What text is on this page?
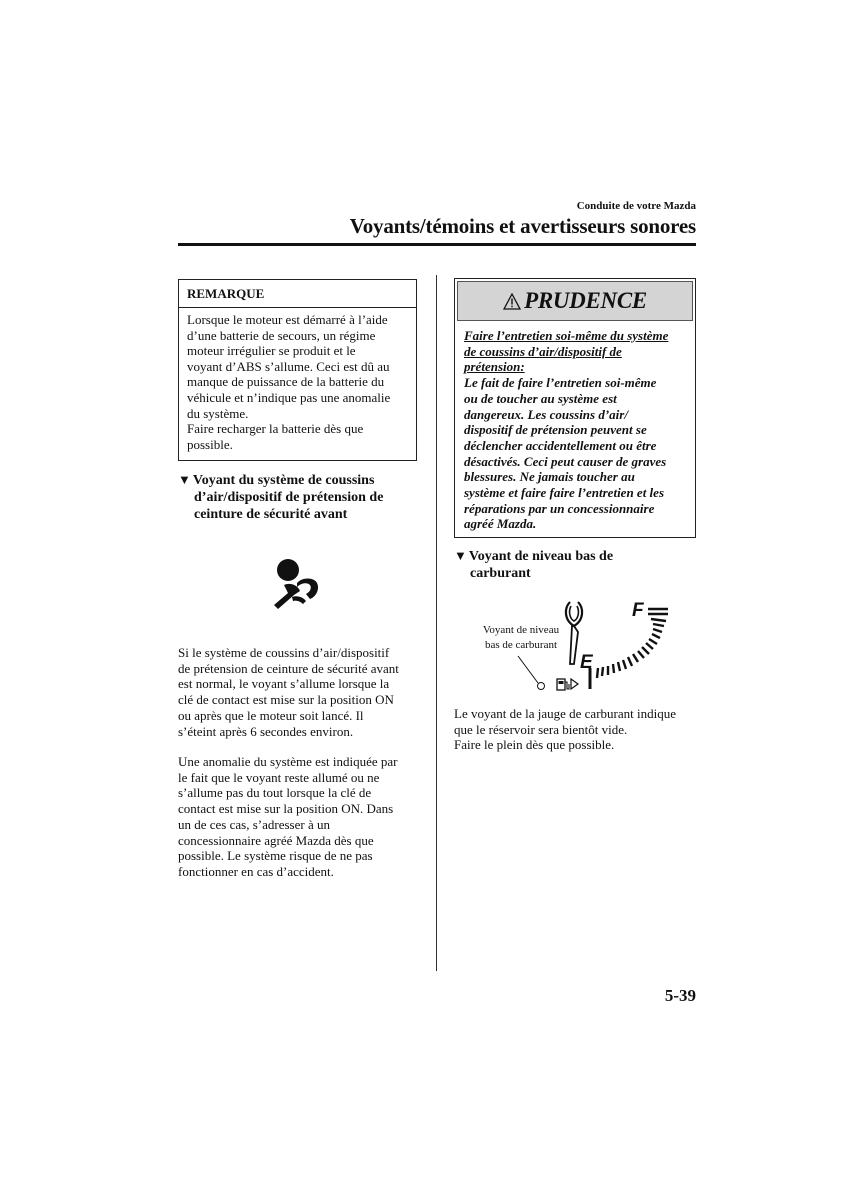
Conduite de votre Mazda
Voyants/témoins et avertisseurs sonores
REMARQUE

Lorsque le moteur est démarré à l’aide

d’une batterie de secours, un régime

moteur irrégulier se produit et le

voyant d’ABS s’allume. Ceci est dû au

manque de puissance de la batterie du

véhicule et n’indique pas une anomalie

du système.

Faire recharger la batterie dès que

possible.

▼ Voyant du système de coussins
d’air/dispositif de prétension de
ceinture de sécurité avant
Si le système de coussins d’air/dispositif
de prétension de ceinture de sécurité avant
est normal, le voyant s’allume lorsque la
clé de contact est mise sur la position ON
ou après que le moteur soit lancé. Il
s’éteint après 6 secondes environ.
Une anomalie du système est indiquée par
le fait que le voyant reste allumé ou ne
s’allume pas du tout lorsque la clé de
contact est mise sur la position ON. Dans
un de ces cas, s’adresser à un
concessionnaire agréé Mazda dès que
possible. Le système risque de ne pas
fonctionner en cas d’accident.
PRUDENCE
Faire l’entretien soi-même du système
de coussins d’air/dispositif de
prétension:
Le fait de faire l’entretien soi-même
ou de toucher au système est
dangereux. Les coussins d’air/
dispositif de prétension peuvent se
déclencher accidentellement ou être
désactivés. Ceci peut causer de graves
blessures. Ne jamais toucher au
système et faire faire l’entretien et les
réparations par un concessionnaire
agréé Mazda.
▼ Voyant de niveau bas de
carburant
F
E
Voyant de niveau
bas de carburant
Le voyant de la jauge de carburant indique
que le réservoir sera bientôt vide.
Faire le plein dès que possible.
5-39
